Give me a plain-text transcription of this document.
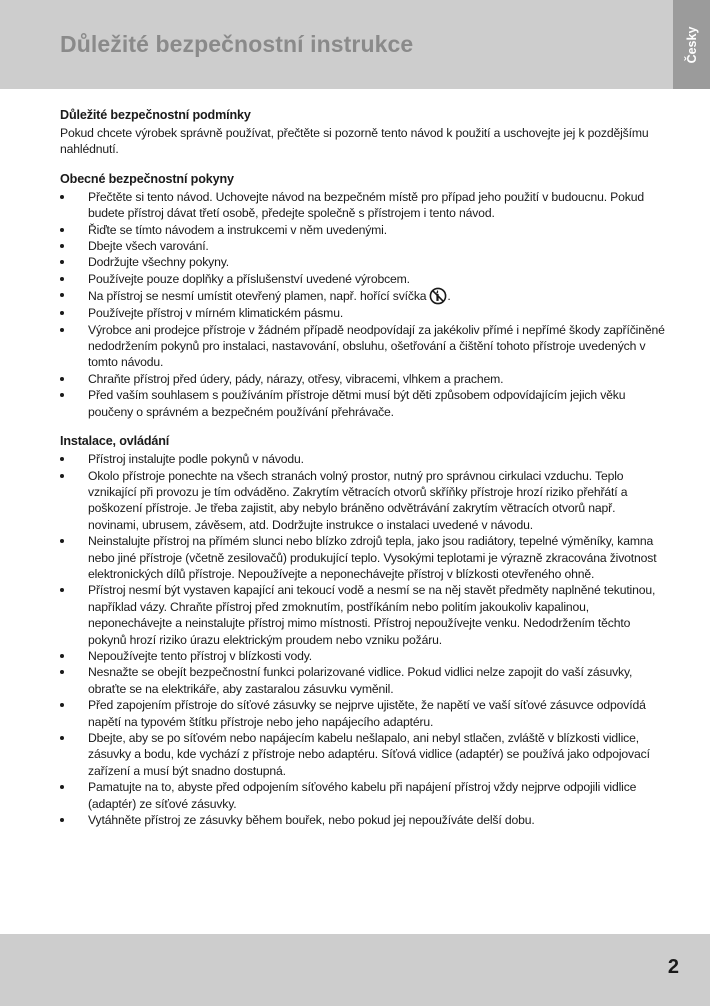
Důležité bezpečnostní instrukce	Česky
Důležité bezpečnostní podmínky

Pokud chcete výrobek správně používat, přečtěte si pozorně tento návod k použití a uschovejte jej k pozdějšímu nahlédnutí.

Obecné bezpečnostní pokyny
Přečtěte si tento návod. Uchovejte návod na bezpečném místě pro případ jeho použití v budoucnu. Pokud budete přístroj dávat třetí osobě, předejte společně s přístrojem i tento návod.
Řiďte se tímto návodem a instrukcemi v něm uvedenými.
Dbejte všech varování.
Dodržujte všechny pokyny.
Používejte pouze doplňky a příslušenství uvedené výrobcem.
Na přístroj se nesmí umístit otevřený plamen, např. hořící svíčka .
Používejte přístroj v mírném klimatickém pásmu.
Výrobce ani prodejce přístroje v žádném případě neodpovídají za jakékoliv přímé i nepřímé škody zapříčiněné nedodržením pokynů pro instalaci, nastavování, obsluhu, ošetřování a čištění tohoto přístroje uvedených v tomto návodu.
Chraňte přístroj před údery, pády, nárazy, otřesy, vibracemi, vlhkem a prachem.
Před vaším souhlasem s používáním přístroje dětmi musí být děti způsobem odpovídajícím jejich věku poučeny o správném a bezpečném používání přehrávače.
Instalace, ovládání
Přístroj instalujte podle pokynů v návodu.
Okolo přístroje ponechte na všech stranách volný prostor, nutný pro správnou cirkulaci vzduchu. Teplo vznikající při provozu je tím odváděno. Zakrytím větracích otvorů skříňky přístroje hrozí riziko přehřátí a poškození přístroje. Je třeba zajistit, aby nebylo bráněno odvětrávání zakrytím větracích otvorů např. novinami, ubrusem, závěsem, atd. Dodržujte instrukce o instalaci uvedené v návodu.
Neinstalujte přístroj na přímém slunci nebo blízko zdrojů tepla, jako jsou radiátory, tepelné výměníky, kamna nebo jiné přístroje (včetně zesilovačů) produkující teplo. Vysokými teplotami je výrazně zkracována životnost elektronických dílů přístroje. Nepoužívejte a neponechávejte přístroj v blízkosti otevřeného ohně.
Přístroj nesmí být vystaven kapající ani tekoucí vodě a nesmí se na něj stavět předměty naplněné tekutinou, například vázy. Chraňte přístroj před zmoknutím, postříkáním nebo politím jakoukoliv kapalinou, neponechávejte a neinstalujte přístroj mimo místnosti. Přístroj nepoužívejte venku. Nedodržením těchto pokynů hrozí riziko úrazu elektrickým proudem nebo vzniku požáru.
Nepoužívejte tento přístroj v blízkosti vody.
Nesnažte se obejít bezpečnostní funkci polarizované vidlice. Pokud vidlici nelze zapojit do vaší zásuvky, obraťte se na elektrikáře, aby zastaralou zásuvku vyměnil.
Před zapojením přístroje do síťové zásuvky se nejprve ujistěte, že napětí ve vaší síťové zásuvce odpovídá napětí na typovém štítku přístroje nebo jeho napájecího adaptéru.
Dbejte, aby se po síťovém nebo napájecím kabelu nešlapalo, ani nebyl stlačen, zvláště v blízkosti vidlice, zásuvky a bodu, kde vychází z přístroje nebo adaptéru. Síťová vidlice (adaptér) se používá jako odpojovací zařízení a musí být snadno dostupná.
Pamatujte na to, abyste před odpojením síťového kabelu při napájení přístroj vždy nejprve odpojili vidlice (adaptér) ze síťové zásuvky.
Vytáhněte přístroj ze zásuvky během bouřek, nebo pokud jej nepoužíváte delší dobu.
2
